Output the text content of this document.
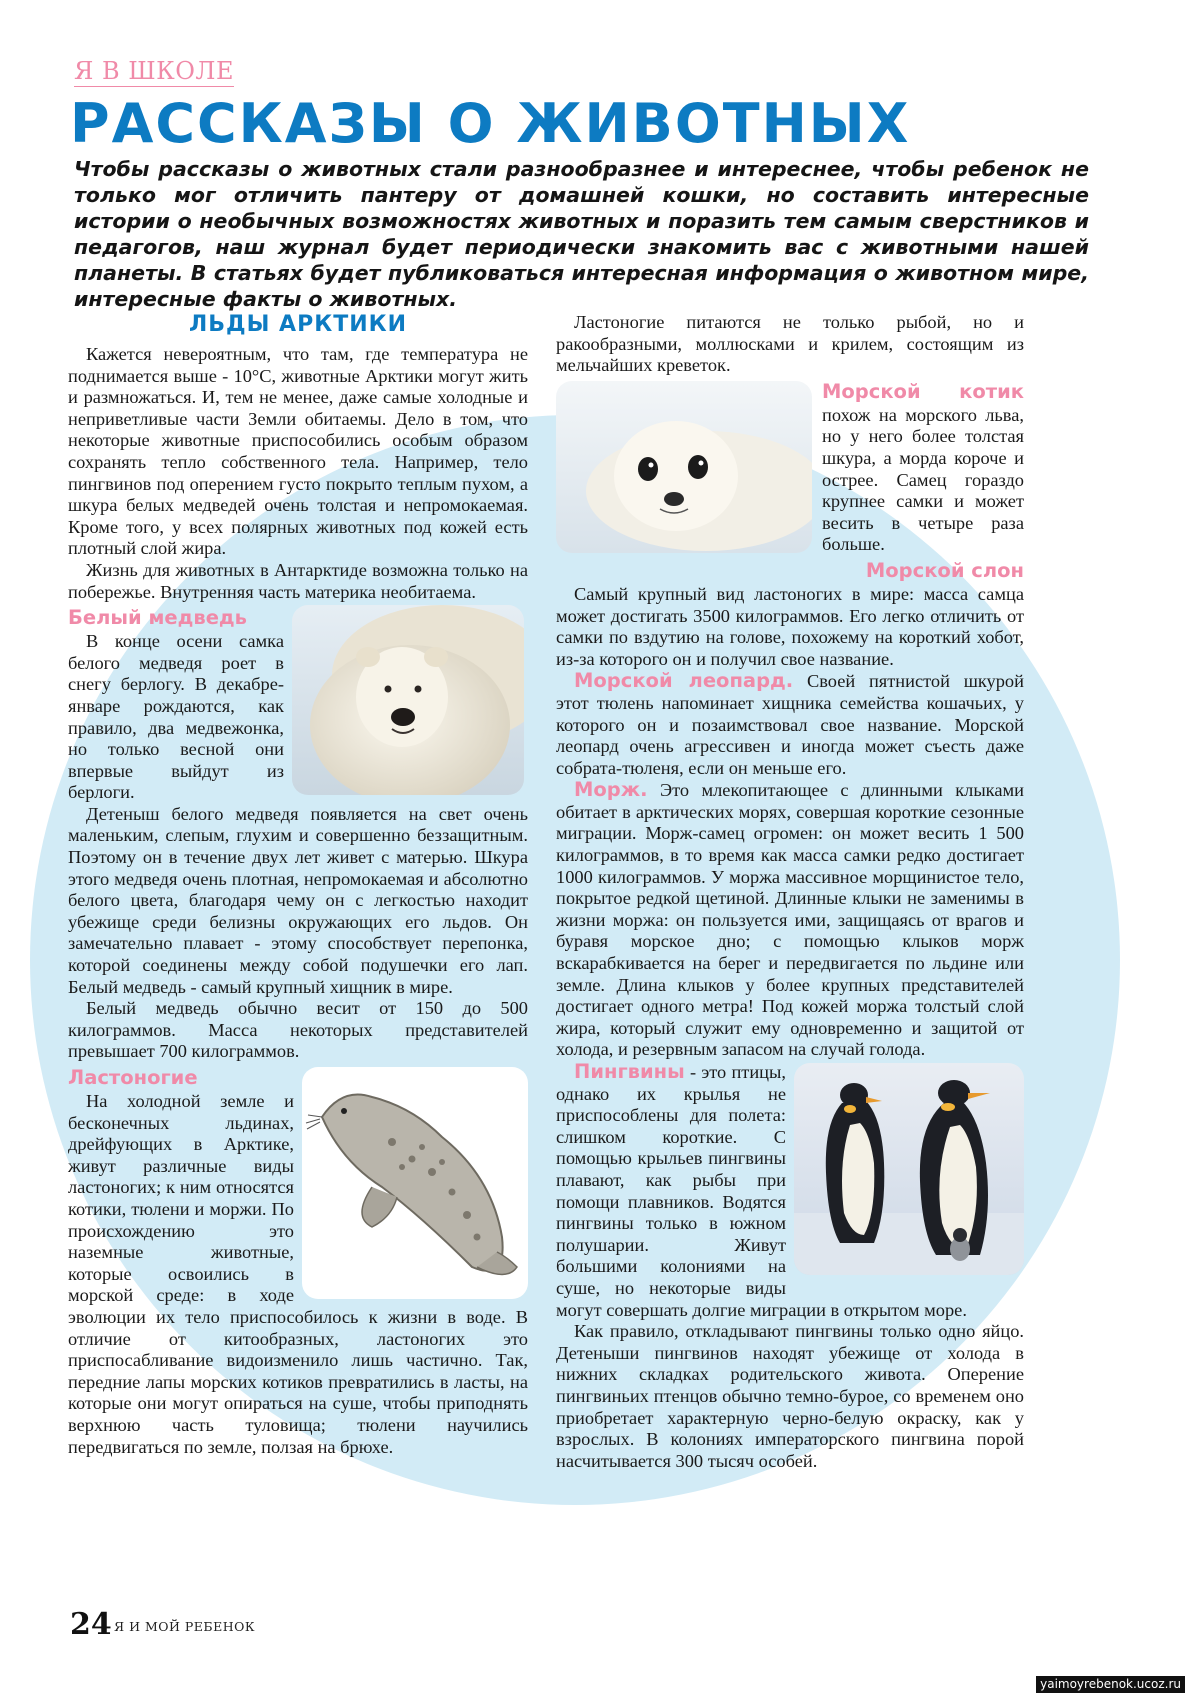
Я В ШКОЛЕ
РАССКАЗЫ О ЖИВОТНЫХ
Чтобы рассказы о животных стали разнообразнее и интереснее, чтобы ребенок не только мог отличить пантеру от домашней кошки, но составить интересные истории о необычных возможностях животных и поразить тем самым сверстников и педагогов, наш журнал будет периодически знакомить вас с животными нашей планеты. В статьях будет публиковаться интересная информация о животном мире, интересные факты о животных.
ЛЬДЫ АРКТИКИ

Кажется невероятным, что там, где температура не поднимается выше - 10°С, животные Арктики могут жить и размножаться. И, тем не менее, даже самые холодные и неприветливые части Земли обитаемы. Дело в том, что некоторые животные приспособились особым образом сохранять тепло собственного тела. Например, тело пингвинов под оперением густо покрыто теплым пухом, а шкура белых медведей очень толстая и непромокаемая. Кроме того, у всех полярных животных под кожей есть плотный слой жира.

Жизнь для животных в Антарктиде возможна только на побережье. Внутренняя часть материка необитаема.

Белый медведь

В конце осени самка белого медведя роет в снегу берлогу. В декабре-январе рождаются, как правило, два медвежонка, но только весной они впервые выйдут из берлоги.

Детеныш белого медведя появляется на свет очень маленьким, слепым, глухим и совершенно беззащитным. Поэтому он в течение двух лет живет с матерью. Шкура этого медведя очень плотная, непромокаемая и абсолютно белого цвета, благодаря чему он с легкостью находит убежище среди белизны окружающих его льдов. Он замечательно плавает - этому способствует перепонка, которой соединены между собой подушечки его лап. Белый медведь - самый крупный хищник в мире.

Белый медведь обычно весит от 150 до 500 килограммов. Масса некоторых представителей превышает 700 килограммов.

Ластоногие

На холодной земле и бесконечных льдинах, дрейфующих в Арктике, живут различные виды ластоногих; к ним относятся котики, тюлени и моржи. По происхождению это наземные животные, которые освоились в морской среде: в ходе эволюции их тело приспособилось к жизни в воде. В отличие от китообразных, ластоногих это приспосабливание видоизменило лишь частично. Так, передние лапы морских котиков превратились в ласты, на которые они могут опираться на суше, чтобы приподнять верхнюю часть туловища; тюлени научились передвигаться по земле, ползая на брюхе.

Ластоногие питаются не только рыбой, но и ракообразными, моллюсками и крилем, состоящим из мельчайших креветок.

Морской котик

похож на морского льва, но у него более толстая шкура, а морда короче и острее. Самец гораздо крупнее самки и может весить в четыре раза больше.

Морской слон

Самый крупный вид ластоногих в мире: масса самца может достигать 3500 килограммов. Его легко отличить от самки по вздутию на голове, похожему на короткий хобот, из-за которого он и получил свое название.

Морской леопард. Своей пятнистой шкурой этот тюлень напоминает хищника семейства кошачьих, у которого он и позаимствовал свое название. Морской леопард очень агрессивен и иногда может съесть даже собрата-тюленя, если он меньше его.

Морж. Это млекопитающее с длинными клыками обитает в арктических морях, совершая короткие сезонные миграции. Морж-самец огромен: он может весить 1 500 килограммов, в то время как масса самки редко достигает 1000 килограммов. У моржа массивное морщинистое тело, покрытое редкой щетиной. Длинные клыки не заменимы в жизни моржа: он пользуется ими, защищаясь от врагов и буравя морское дно; с помощью клыков морж вскарабкивается на берег и передвигается по льдине или земле. Длина клыков у более крупных представителей достигает одного метра! Под кожей моржа толстый слой жира, который служит ему одновременно и защитой от холода, и резервным запасом на случай голода.

Пингвины - это птицы, однако их крылья не приспособлены для полета: слишком короткие. С помощью крыльев пингвины плавают, как рыбы при помощи плавников. Водятся пингвины только в южном полушарии. Живут большими колониями на суше, но некоторые виды могут совершать долгие миграции в открытом море.

Как правило, откладывают пингвины только одно яйцо. Детеныши пингвинов находят убежище от холода в нижних складках родительского живота. Оперение пингвиньих птенцов обычно темно-бурое, со временем оно приобретает характерную черно-белую окраску, как у взрослых. В колониях императорского пингвина порой насчитывается 300 тысяч особей.

24 Я И МОЙ РЕБЕНОК
yaimoyrebenok.ucoz.ru
